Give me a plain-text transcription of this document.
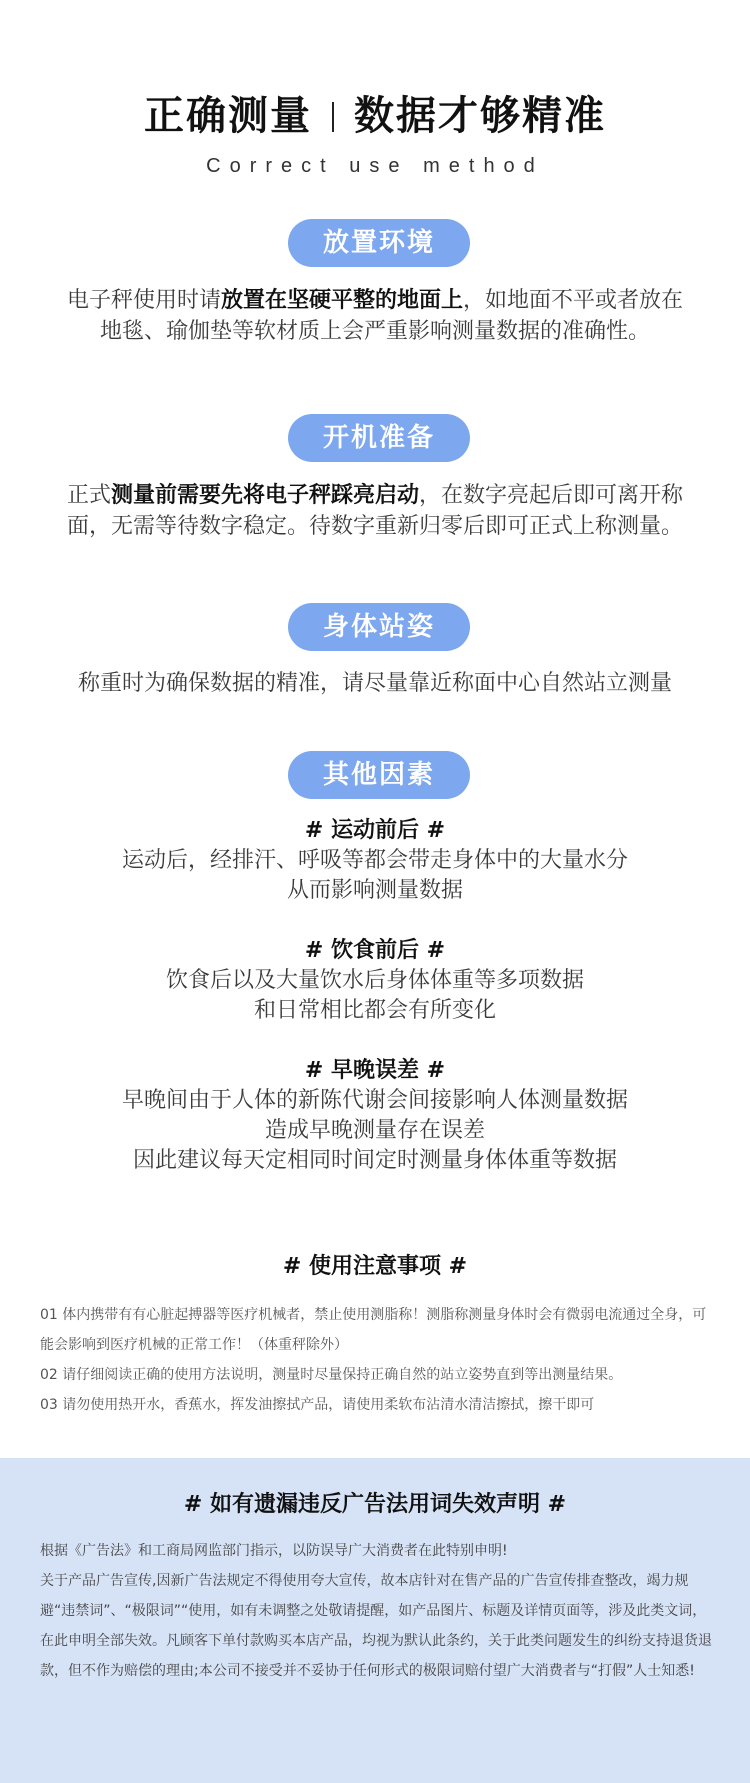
正确测量 数据才够精准
Correct use method
放置环境
电子秤使用时请放置在坚硬平整的地面上，如地面不平或者放在
地毯、瑜伽垫等软材质上会严重影响测量数据的准确性。
开机准备
正式测量前需要先将电子秤踩亮启动，在数字亮起后即可离开称
面，无需等待数字稳定。待数字重新归零后即可正式上称测量。
身体站姿
称重时为确保数据的精准，请尽量靠近称面中心自然站立测量
其他因素
# 运动前后 #
运动后，经排汗、呼吸等都会带走身体中的大量水分
从而影响测量数据
# 饮食前后 #
饮食后以及大量饮水后身体体重等多项数据
和日常相比都会有所变化
# 早晚误差 #
早晚间由于人体的新陈代谢会间接影响人体测量数据
造成早晚测量存在误差
因此建议每天定相同时间定时测量身体体重等数据
# 使用注意事项 #
01 体内携带有有心脏起搏器等医疗机械者，禁止使用测脂称！测脂称测量身体时会有微弱电流通过全身，可能会影响到医疗机械的正常工作！（体重秤除外）
02 请仔细阅读正确的使用方法说明，测量时尽量保持正确自然的站立姿势直到等出测量结果。
03 请勿使用热开水，香蕉水，挥发油擦拭产品，请使用柔软布沾清水清洁擦拭，擦干即可
# 如有遗漏违反广告法用词失效声明 #
根据《广告法》和工商局网监部门指示，以防误导广大消费者在此特别申明!
关于产品广告宣传,因新广告法规定不得使用夸大宣传，故本店针对在售产品的广告宣传排查整改，竭力规避“违禁词”、“极限词”“使用，如有未调整之处敬请提醒，如产品图片、标题及详情页面等，涉及此类文词，在此申明全部失效。凡顾客下单付款购买本店产品，均视为默认此条约，关于此类问题发生的纠纷支持退货退款，但不作为赔偿的理由;本公司不接受并不妥协于任何形式的极限词赔付望广大消费者与“打假”人士知悉!
